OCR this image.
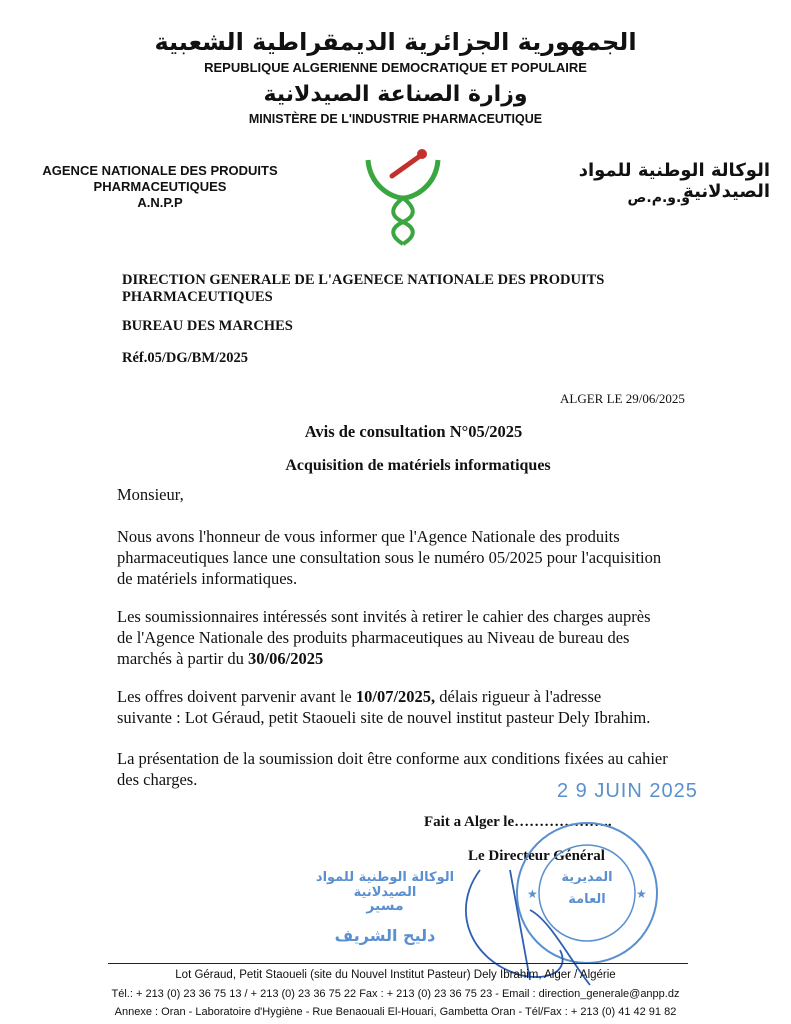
الجمهورية الجزائرية الديمقراطية الشعبية
REPUBLIQUE ALGERIENNE DEMOCRATIQUE ET POPULAIRE
وزارة الصناعة الصيدلانية
MINISTÈRE DE L'INDUSTRIE PHARMACEUTIQUE
AGENCE NATIONALE DES PRODUITS
PHARMACEUTIQUES
A.N.P.P
الوكالة الوطنية للمواد الصيدلانية
و.و.م.ص
DIRECTION GENERALE DE L'AGENECE NATIONALE DES PRODUITS
PHARMACEUTIQUES
BUREAU DES MARCHES
Réf.05/DG/BM/2025
ALGER LE 29/06/2025
Avis de consultation N°05/2025
Acquisition de matériels informatiques
Monsieur,
Nous avons l'honneur de vous informer que l'Agence Nationale des produits
pharmaceutiques lance une consultation sous le numéro 05/2025 pour l'acquisition
de matériels informatiques.
Les soumissionnaires intéressés sont invités à retirer le cahier des charges auprès
de l'Agence Nationale des produits pharmaceutiques au Niveau de bureau des
marchés à partir du 30/06/2025
Les offres doivent parvenir avant le 10/07/2025, délais rigueur à l'adresse
suivante : Lot Géraud, petit Staoueli site de nouvel institut pasteur Dely Ibrahim.
La présentation de la soumission doit être conforme aux conditions fixées au cahier
des charges.
2 9 JUIN 2025
Fait a Alger le………………..
Le Directeur Général
الوكالة الوطنية للمواد الصيدلانية
مسير
دليح الشريف
★	★
المديرية
العامة
Lot Géraud, Petit Staoueli (site du Nouvel Institut Pasteur) Dely Ibrahim, Alger / Algérie
Tél.: + 213 (0) 23 36 75 13 / + 213 (0) 23 36 75 22 Fax : + 213 (0) 23 36 75 23 - Email : direction_generale@anpp.dz
Annexe : Oran - Laboratoire d'Hygiène - Rue Benaouali El-Houari, Gambetta Oran - Tél/Fax : + 213 (0) 41 42 91 82
